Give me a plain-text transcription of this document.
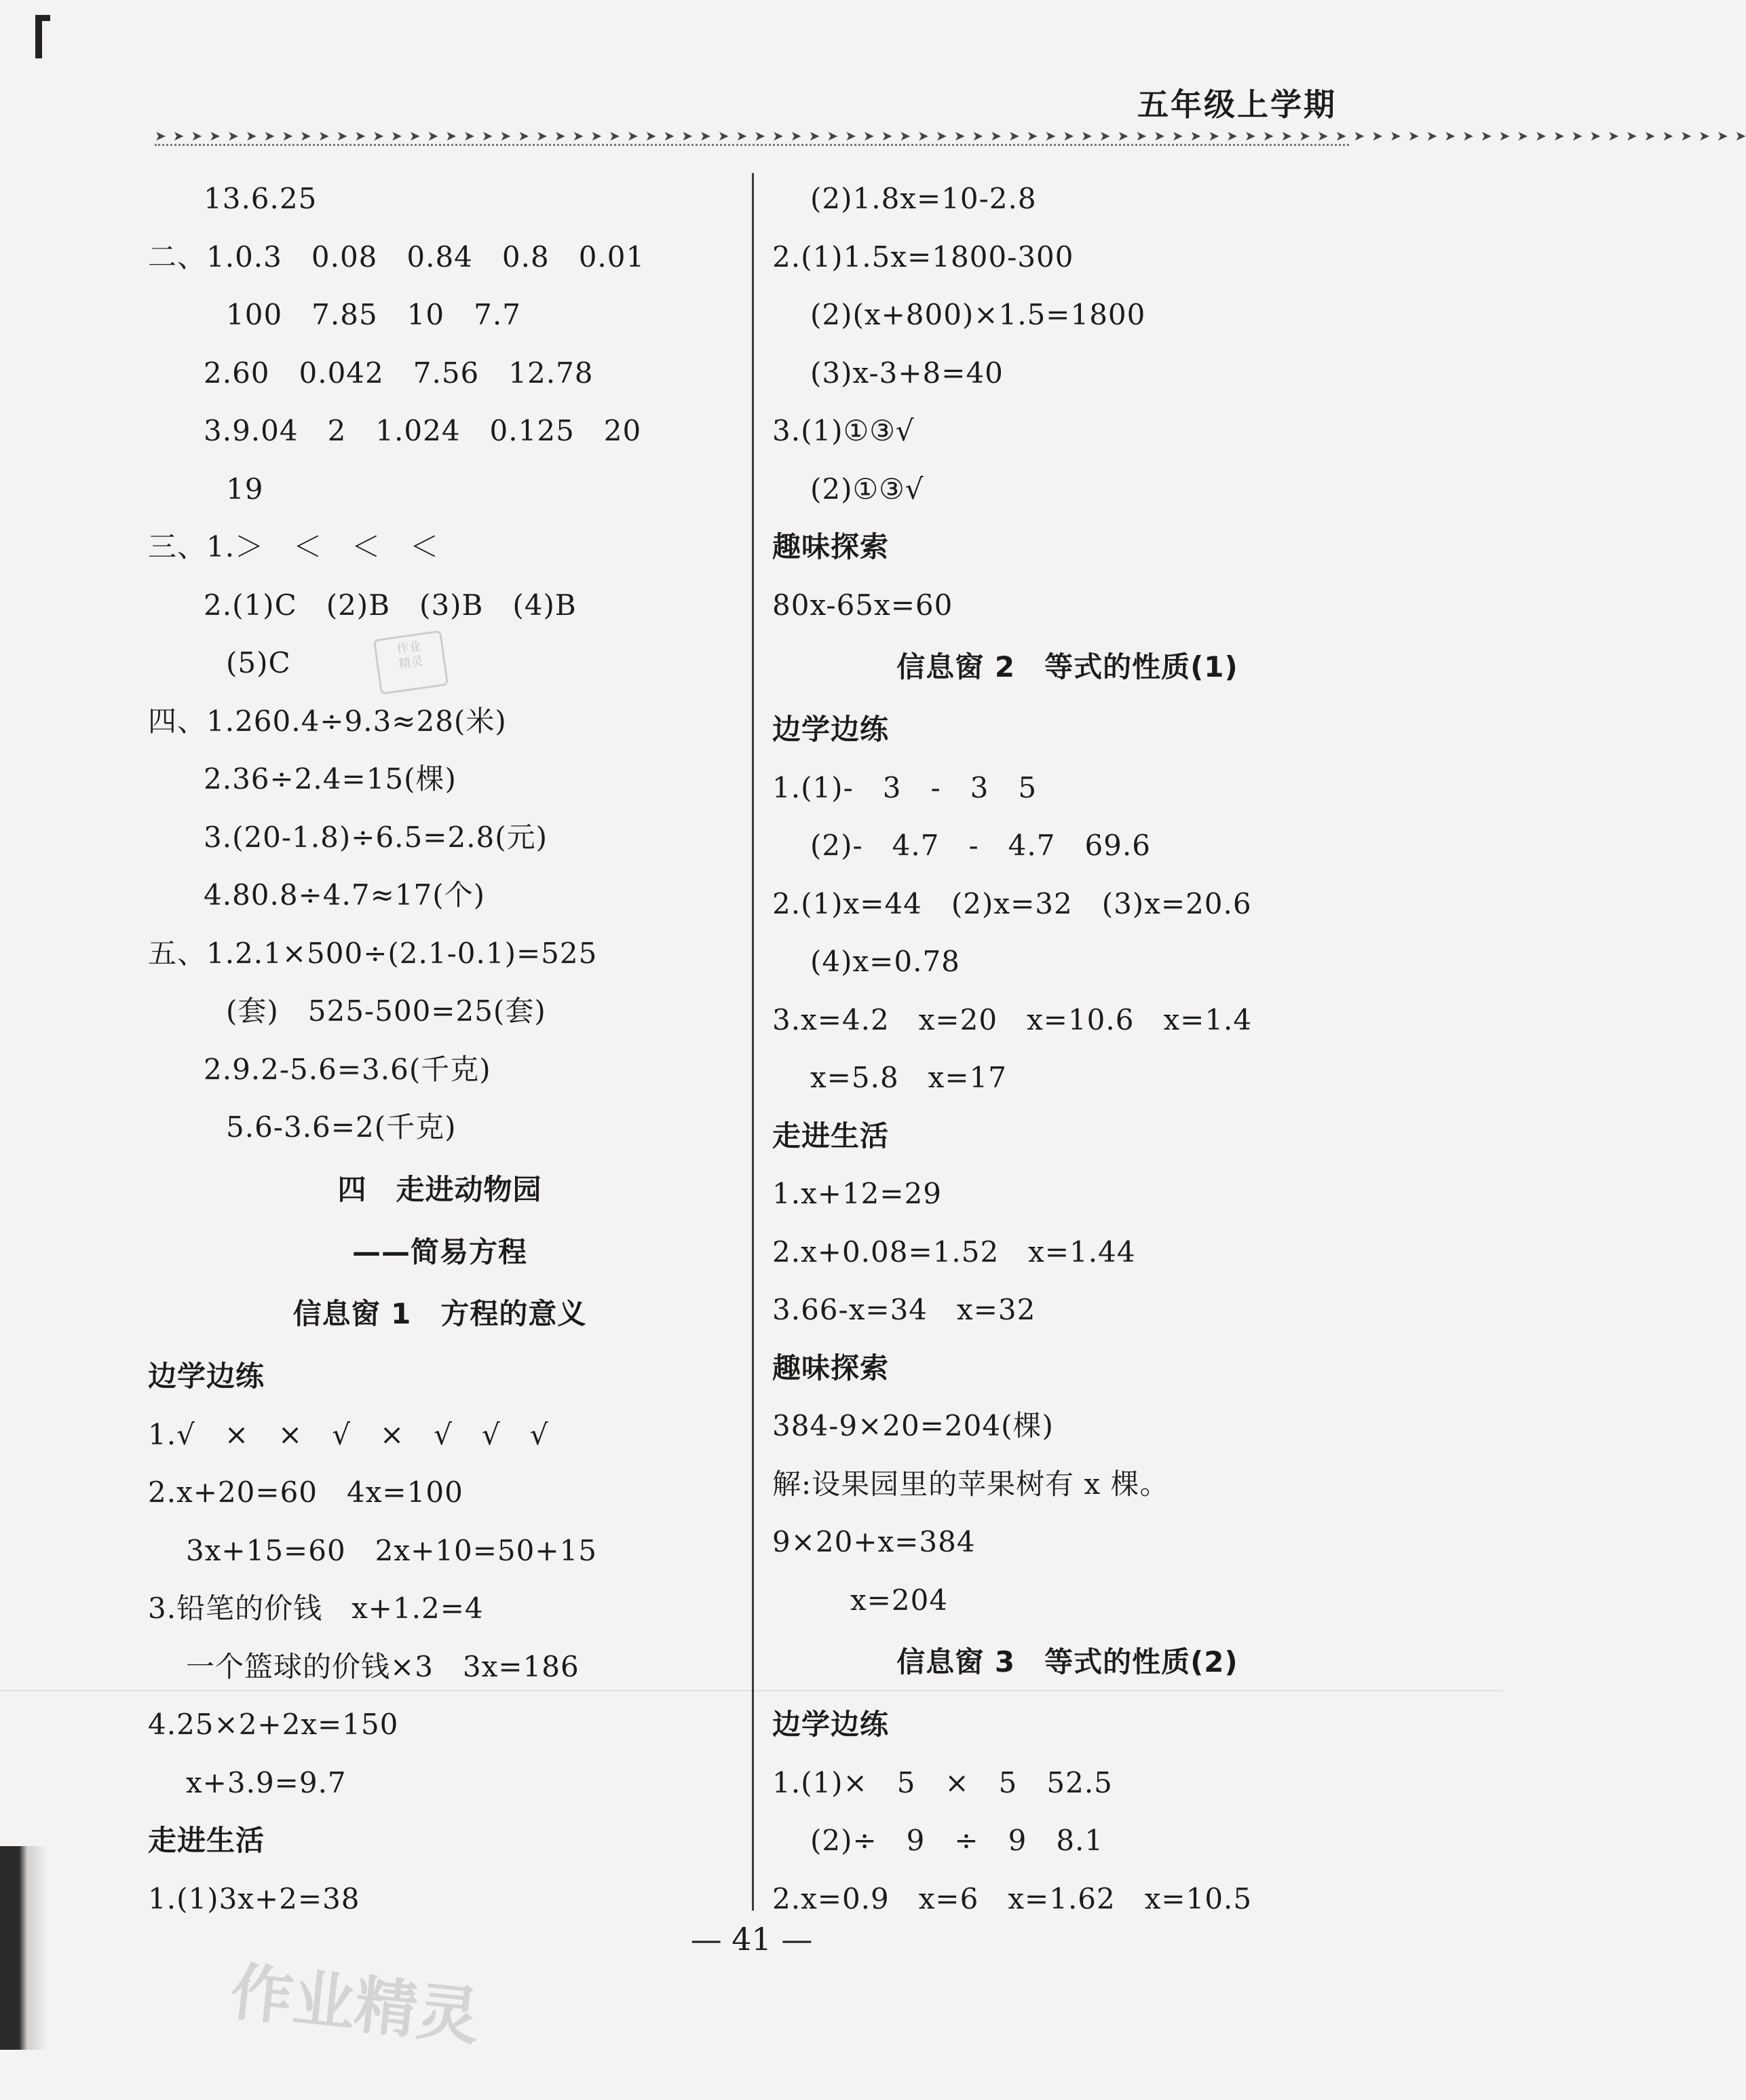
五年级上学期
➤ ➤ ➤ ➤ ➤ ➤ ➤ ➤ ➤ ➤ ➤ ➤ ➤ ➤ ➤ ➤ ➤ ➤ ➤ ➤ ➤ ➤ ➤ ➤ ➤ ➤ ➤ ➤ ➤ ➤ ➤ ➤ ➤ ➤ ➤ ➤ ➤ ➤ ➤ ➤ ➤ ➤ ➤ ➤ ➤ ➤ ➤ ➤ ➤ ➤ ➤ ➤ ➤ ➤ ➤ ➤ ➤ ➤ ➤ ➤ ➤ ➤ ➤ ➤ ➤ ➤ ➤ ➤ ➤ ➤ ➤ ➤ ➤ ➤ ➤ ➤ ➤ ➤ ➤ ➤ ➤ ➤ ➤ ➤ ➤ ➤ ➤ ➤
13.6.25
二、1.0.3　0.08　0.84　0.8　0.01
100　7.85　10　7.7
2.60　0.042　7.56　12.78
3.9.04　2　1.024　0.125　20
19
三、1.＞　＜　＜　＜
2.(1)C　(2)B　(3)B　(4)B
(5)C
四、1.260.4÷9.3≈28(米)
2.36÷2.4=15(棵)
3.(20-1.8)÷6.5=2.8(元)
4.80.8÷4.7≈17(个)
五、1.2.1×500÷(2.1-0.1)=525
(套)　525-500=25(套)
2.9.2-5.6=3.6(千克)
5.6-3.6=2(千克)
四　走进动物园
——简易方程
信息窗 1　方程的意义
边学边练
1.√　×　×　√　×　√　√　√
2.x+20=60　4x=100
3x+15=60　2x+10=50+15
3.铅笔的价钱　x+1.2=4
一个篮球的价钱×3　3x=186
4.25×2+2x=150
x+3.9=9.7
走进生活
1.(1)3x+2=38
(2)1.8x=10-2.8
2.(1)1.5x=1800-300
(2)(x+800)×1.5=1800
(3)x-3+8=40
3.(1)①③√
(2)①③√
趣味探索
80x-65x=60
信息窗 2　等式的性质(1)
边学边练
1.(1)-　3　-　3　5
(2)-　4.7　-　4.7　69.6
2.(1)x=44　(2)x=32　(3)x=20.6
(4)x=0.78
3.x=4.2　x=20　x=10.6　x=1.4
x=5.8　x=17
走进生活
1.x+12=29
2.x+0.08=1.52　x=1.44
3.66-x=34　x=32
趣味探索
384-9×20=204(棵)
解:设果园里的苹果树有 x 棵。
9×20+x=384
x=204
信息窗 3　等式的性质(2)
边学边练
1.(1)×　5　×　5　52.5
(2)÷　9　÷　9　8.1
2.x=0.9　x=6　x=1.62　x=10.5
— 41 —
作业
精灵
作业精灵
